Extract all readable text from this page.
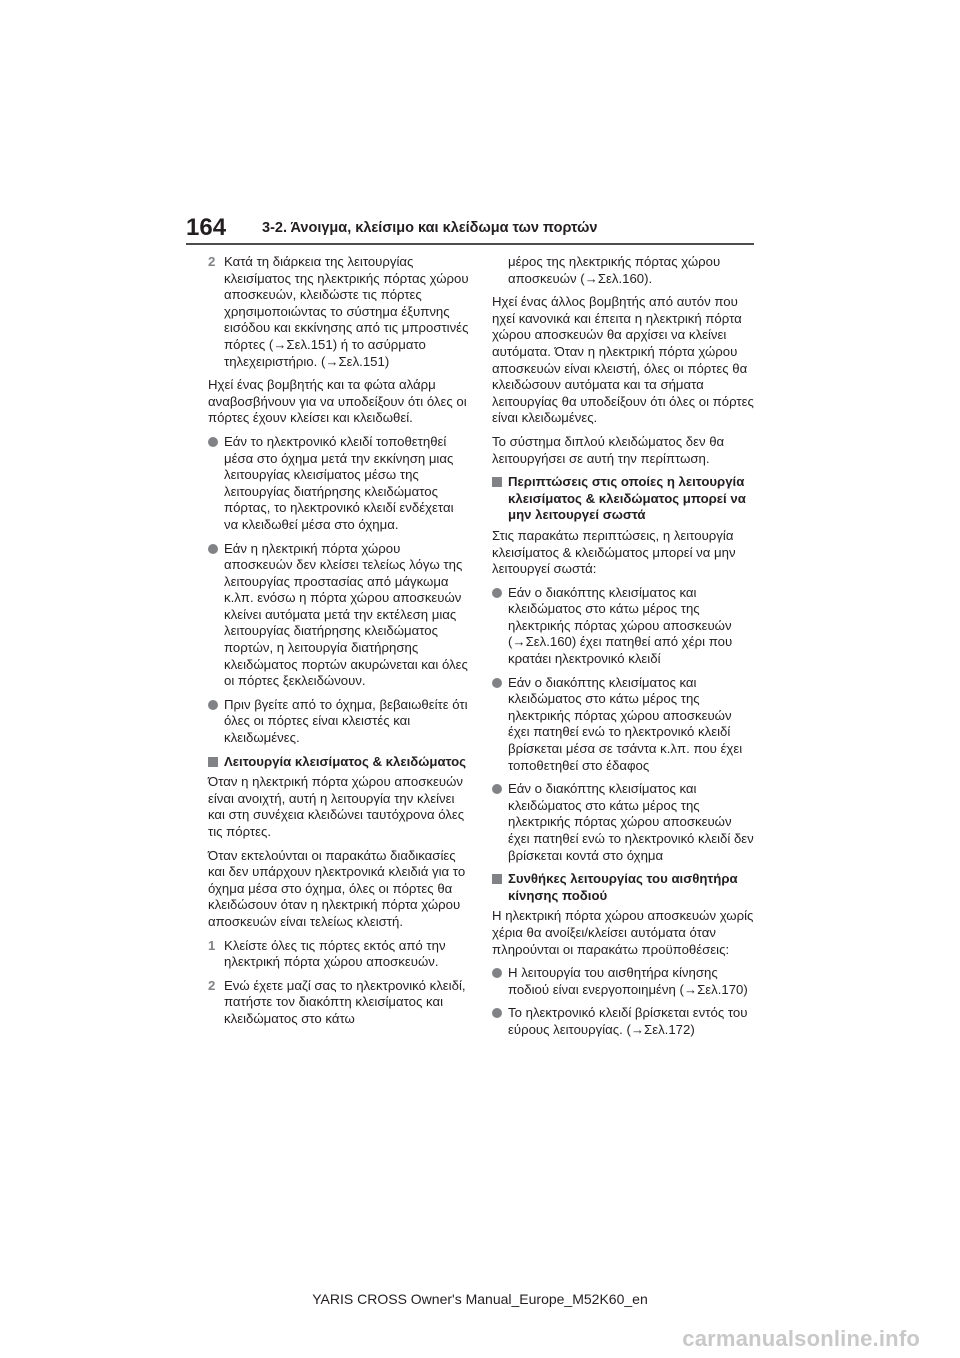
164 3-2. Άνοιγμα, κλείσιμο και κλείδωμα των πορτών
2 Κατά τη διάρκεια της λειτουργίας κλεισίματος της ηλεκτρικής πόρτας χώρου αποσκευών, κλειδώστε τις πόρτες χρησιμοποιώντας το σύστημα έξυπνης εισόδου και εκκίνησης από τις μπροστινές πόρτες (→Σελ.151) ή το ασύρματο τηλεχειριστήριο. (→Σελ.151)

Ηχεί ένας βομβητής και τα φώτα αλάρμ αναβοσβήνουν για να υποδείξουν ότι όλες οι πόρτες έχουν κλείσει και κλειδωθεί.

Εάν το ηλεκτρονικό κλειδί τοποθετηθεί μέσα στο όχημα μετά την εκκίνηση μιας λειτουργίας κλεισίματος μέσω της λειτουργίας διατήρησης κλειδώματος πόρτας, το ηλεκτρονικό κλειδί ενδέχεται να κλειδωθεί μέσα στο όχημα.
Εάν η ηλεκτρική πόρτα χώρου αποσκευών δεν κλείσει τελείως λόγω της λειτουργίας προστασίας από μάγκωμα κ.λπ. ενόσω η πόρτα χώρου αποσκευών κλείνει αυτόματα μετά την εκτέλεση μιας λειτουργίας διατήρησης κλειδώματος πορτών, η λειτουργία διατήρησης κλειδώματος πορτών ακυρώνεται και όλες οι πόρτες ξεκλειδώνουν.
Πριν βγείτε από το όχημα, βεβαιωθείτε ότι όλες οι πόρτες είναι κλειστές και κλειδωμένες.
Λειτουργία κλεισίματος & κλειδώματος

Όταν η ηλεκτρική πόρτα χώρου αποσκευών είναι ανοιχτή, αυτή η λειτουργία την κλείνει και στη συνέχεια κλειδώνει ταυτόχρονα όλες τις πόρτες.

Όταν εκτελούνται οι παρακάτω διαδικασίες και δεν υπάρχουν ηλεκτρονικά κλειδιά για το όχημα μέσα στο όχημα, όλες οι πόρτες θα κλειδώσουν όταν η ηλεκτρική πόρτα χώρου αποσκευών είναι τελείως κλειστή.

1 Κλείστε όλες τις πόρτες εκτός από την ηλεκτρική πόρτα χώρου αποσκευών.
2 Ενώ έχετε μαζί σας το ηλεκτρονικό κλειδί, πατήστε τον διακόπτη κλεισίματος και κλειδώματος στο κάτω

μέρος της ηλεκτρικής πόρτας χώρου αποσκευών (→Σελ.160).

Ηχεί ένας άλλος βομβητής από αυτόν που ηχεί κανονικά και έπειτα η ηλεκτρική πόρτα χώρου αποσκευών θα αρχίσει να κλείνει αυτόματα. Όταν η ηλεκτρική πόρτα χώρου αποσκευών είναι κλειστή, όλες οι πόρτες θα κλειδώσουν αυτόματα και τα σήματα λειτουργίας θα υποδείξουν ότι όλες οι πόρτες είναι κλειδωμένες.

Το σύστημα διπλού κλειδώματος δεν θα λειτουργήσει σε αυτή την περίπτωση.

Περιπτώσεις στις οποίες η λειτουργία κλεισίματος & κλειδώματος μπορεί να μην λειτουργεί σωστά

Στις παρακάτω περιπτώσεις, η λειτουργία κλεισίματος & κλειδώματος μπορεί να μην λειτουργεί σωστά:

Εάν ο διακόπτης κλεισίματος και κλειδώματος στο κάτω μέρος της ηλεκτρικής πόρτας χώρου αποσκευών (→Σελ.160) έχει πατηθεί από χέρι που κρατάει ηλεκτρονικό κλειδί
Εάν ο διακόπτης κλεισίματος και κλειδώματος στο κάτω μέρος της ηλεκτρικής πόρτας χώρου αποσκευών έχει πατηθεί ενώ το ηλεκτρονικό κλειδί βρίσκεται μέσα σε τσάντα κ.λπ. που έχει τοποθετηθεί στο έδαφος
Εάν ο διακόπτης κλεισίματος και κλειδώματος στο κάτω μέρος της ηλεκτρικής πόρτας χώρου αποσκευών έχει πατηθεί ενώ το ηλεκτρονικό κλειδί δεν βρίσκεται κοντά στο όχημα
Συνθήκες λειτουργίας του αισθητήρα κίνησης ποδιού

Η ηλεκτρική πόρτα χώρου αποσκευών χωρίς χέρια θα ανοίξει/κλείσει αυτόματα όταν πληρούνται οι παρακάτω προϋποθέσεις:

Η λειτουργία του αισθητήρα κίνησης ποδιού είναι ενεργοποιημένη (→Σελ.170)
Το ηλεκτρονικό κλειδί βρίσκεται εντός του εύρους λειτουργίας. (→Σελ.172)
YARIS CROSS Owner's Manual_Europe_M52K60_en
carmanualsonline.info
